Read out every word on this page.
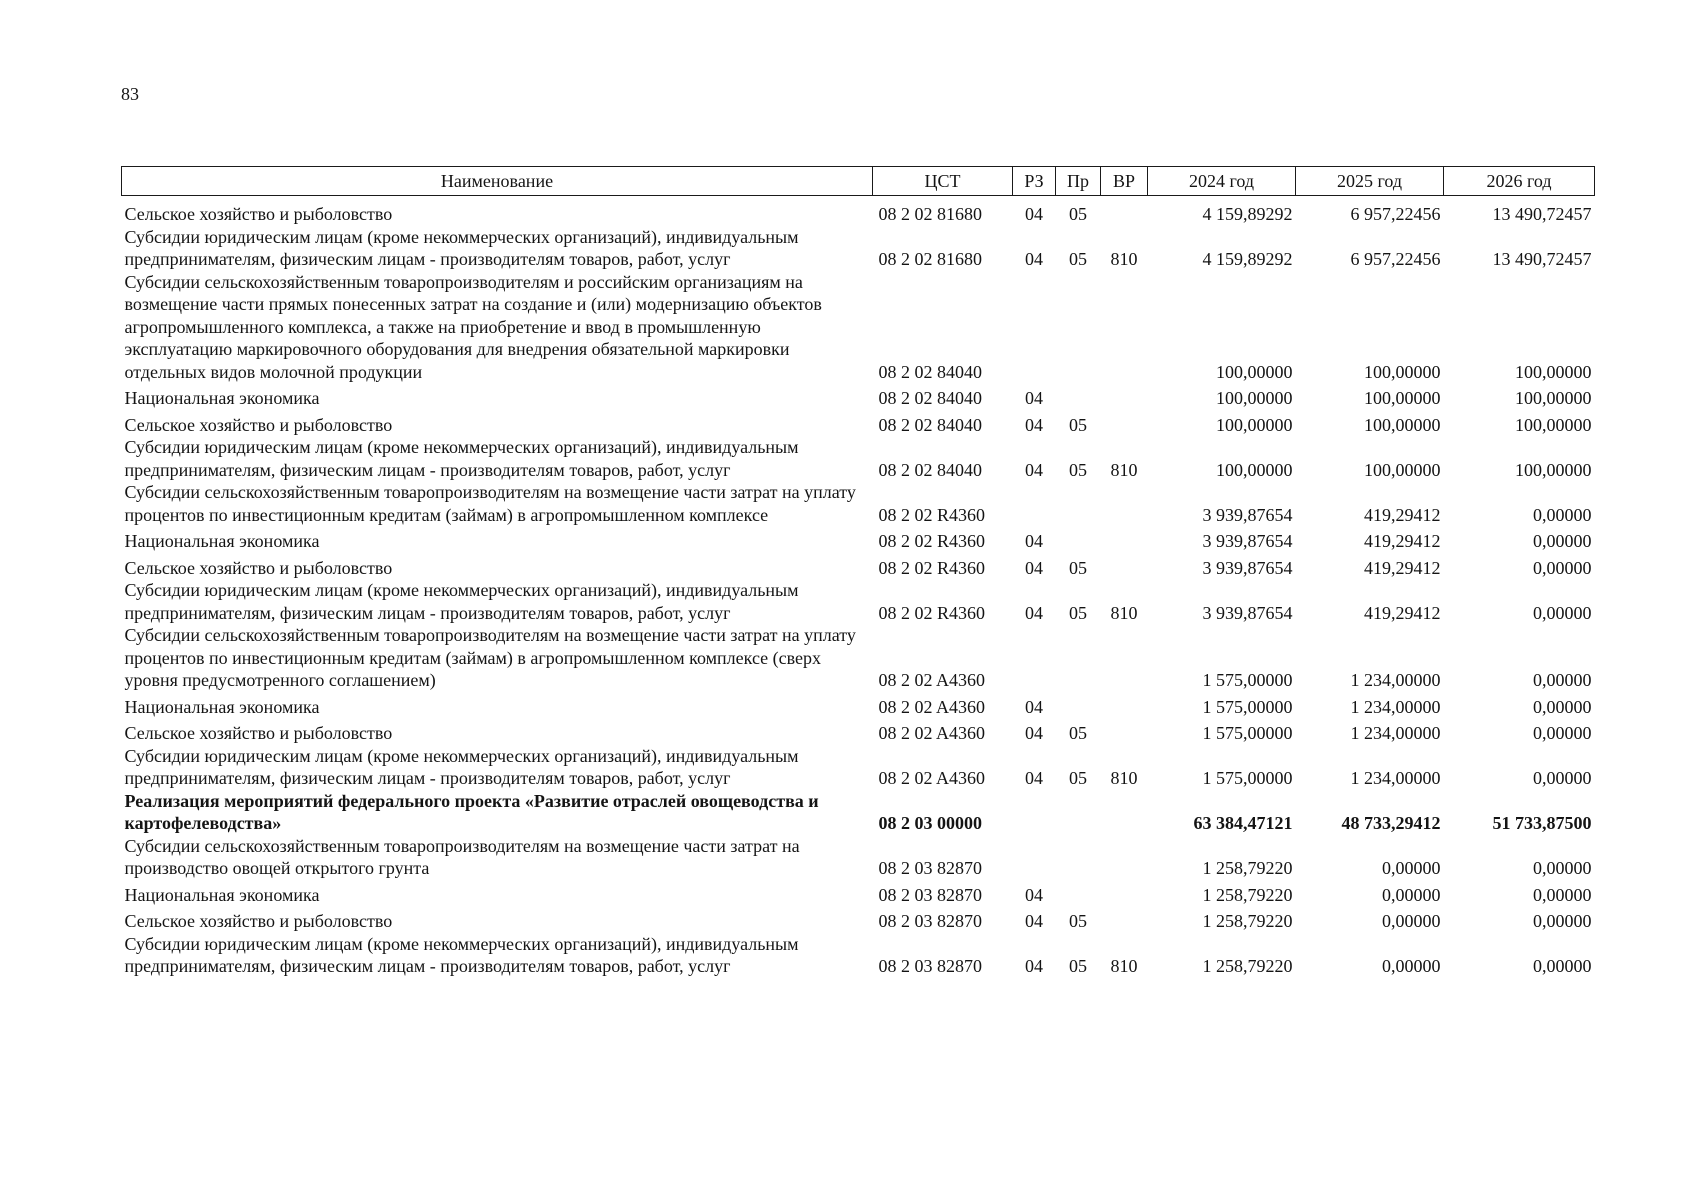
83
Наименование	ЦСТ	РЗ	Пр	ВР	2024 год	2025 год	2026 год
Сельское хозяйство и рыболовство	08 2 02 81680	04	05		4 159,89292	6 957,22456	13 490,72457
Субсидии юридическим лицам (кроме некоммерческих организаций), индивидуальным предпринимателям, физическим лицам - производителям товаров, работ, услуг	08 2 02 81680	04	05	810	4 159,89292	6 957,22456	13 490,72457
Субсидии сельскохозяйственным товаропроизводителям и российским организациям на возмещение части прямых понесенных затрат на создание и (или) модернизацию объектов агропромышленного комплекса, а также на приобретение и ввод в промышленную эксплуатацию маркировочного оборудования для внедрения обязательной маркировки отдельных видов молочной продукции	08 2 02 84040				100,00000	100,00000	100,00000
Национальная экономика	08 2 02 84040	04			100,00000	100,00000	100,00000
Сельское хозяйство и рыболовство	08 2 02 84040	04	05		100,00000	100,00000	100,00000
Субсидии юридическим лицам (кроме некоммерческих организаций), индивидуальным предпринимателям, физическим лицам - производителям товаров, работ, услуг	08 2 02 84040	04	05	810	100,00000	100,00000	100,00000
Субсидии сельскохозяйственным товаропроизводителям на возмещение части затрат на уплату процентов по инвестиционным кредитам (займам) в агропромышленном комплексе	08 2 02 R4360				3 939,87654	419,29412	0,00000
Национальная экономика	08 2 02 R4360	04			3 939,87654	419,29412	0,00000
Сельское хозяйство и рыболовство	08 2 02 R4360	04	05		3 939,87654	419,29412	0,00000
Субсидии юридическим лицам (кроме некоммерческих организаций), индивидуальным предпринимателям, физическим лицам - производителям товаров, работ, услуг	08 2 02 R4360	04	05	810	3 939,87654	419,29412	0,00000
Субсидии сельскохозяйственным товаропроизводителям на возмещение части затрат на уплату процентов по инвестиционным кредитам (займам) в агропромышленном комплексе (сверх уровня предусмотренного соглашением)	08 2 02 A4360				1 575,00000	1 234,00000	0,00000
Национальная экономика	08 2 02 A4360	04			1 575,00000	1 234,00000	0,00000
Сельское хозяйство и рыболовство	08 2 02 A4360	04	05		1 575,00000	1 234,00000	0,00000
Субсидии юридическим лицам (кроме некоммерческих организаций), индивидуальным предпринимателям, физическим лицам - производителям товаров, работ, услуг	08 2 02 A4360	04	05	810	1 575,00000	1 234,00000	0,00000
Реализация мероприятий федерального проекта «Развитие отраслей овощеводства и картофелеводства»	08 2 03 00000				63 384,47121	48 733,29412	51 733,87500
Субсидии сельскохозяйственным товаропроизводителям на возмещение части затрат на производство овощей открытого грунта	08 2 03 82870				1 258,79220	0,00000	0,00000
Национальная экономика	08 2 03 82870	04			1 258,79220	0,00000	0,00000
Сельское хозяйство и рыболовство	08 2 03 82870	04	05		1 258,79220	0,00000	0,00000
Субсидии юридическим лицам (кроме некоммерческих организаций), индивидуальным предпринимателям, физическим лицам - производителям товаров, работ, услуг	08 2 03 82870	04	05	810	1 258,79220	0,00000	0,00000
